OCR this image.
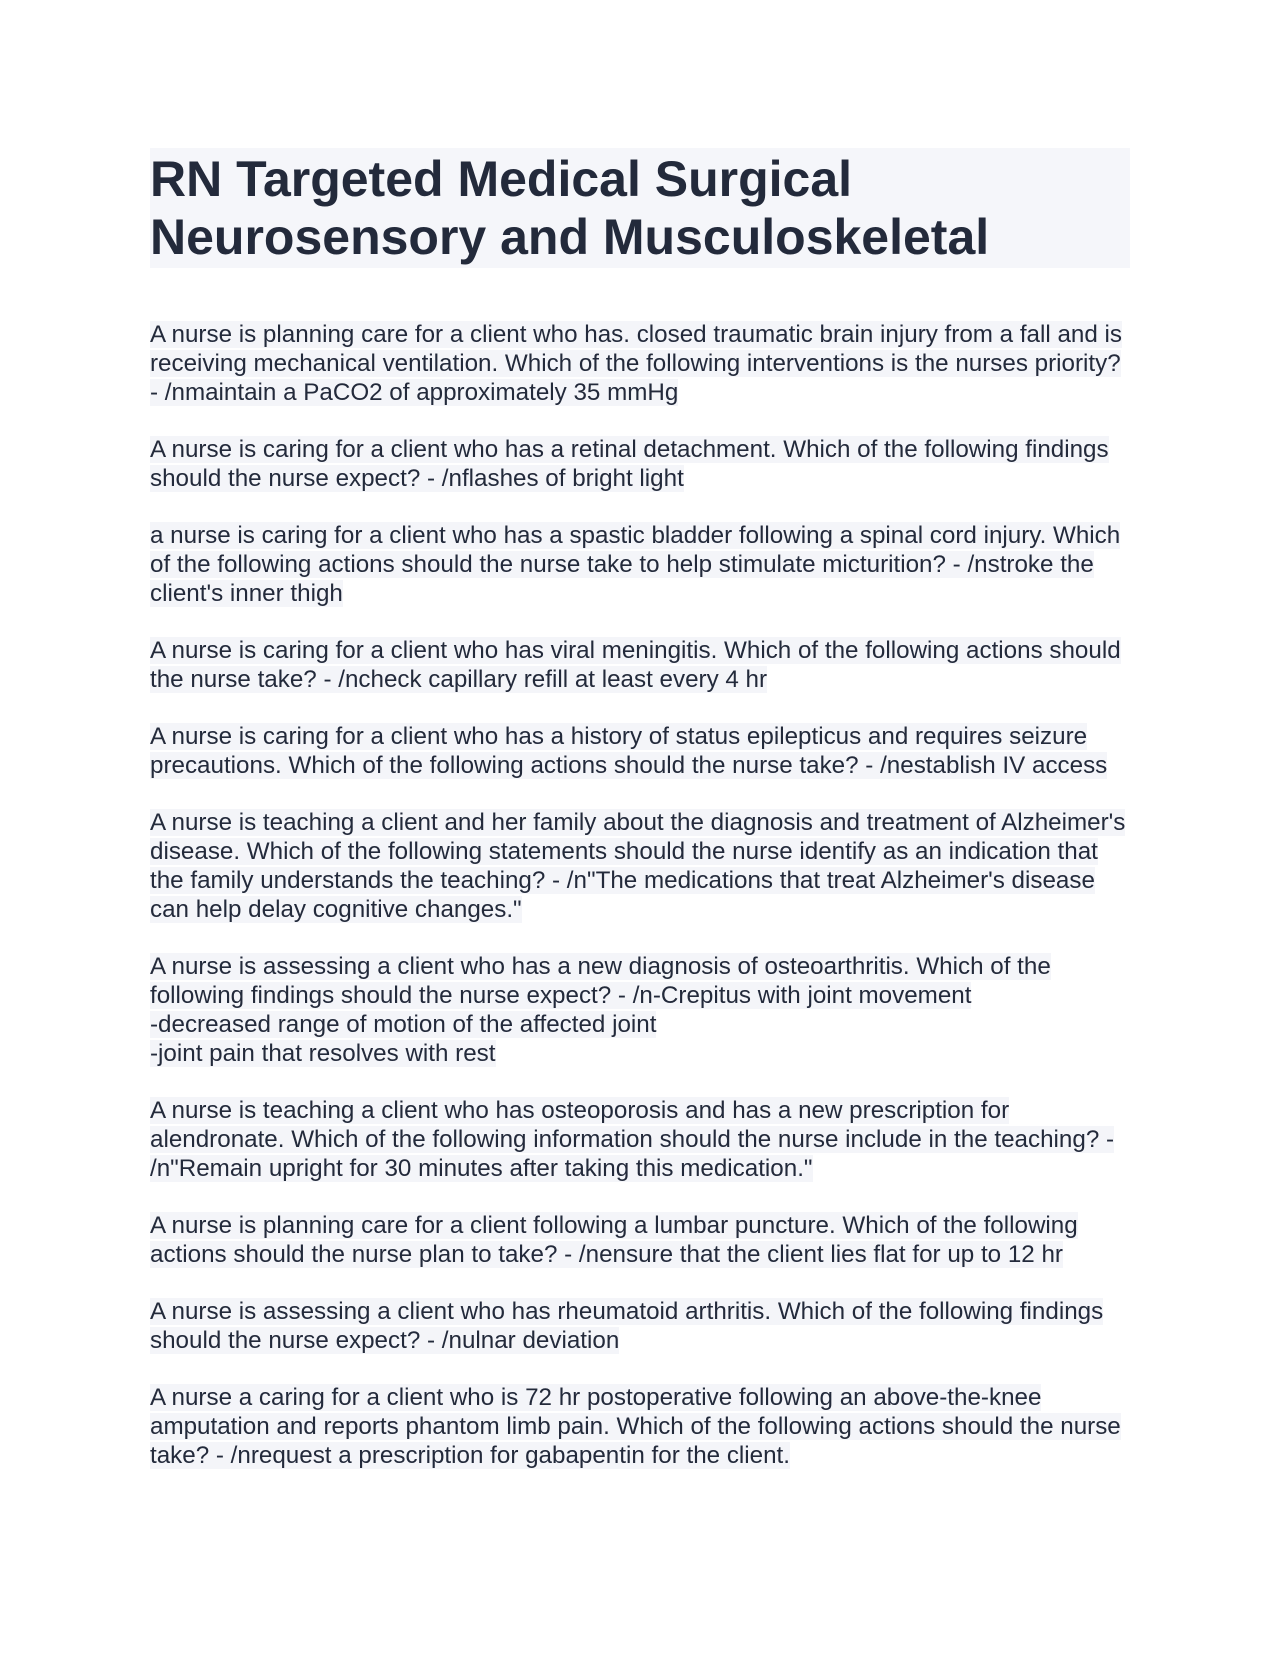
RN Targeted Medical Surgical Neurosensory and Musculoskeletal

A nurse is planning care for a client who has. closed traumatic brain injury from a fall and is receiving mechanical ventilation. Which of the following interventions is the nurses priority? - /nmaintain a PaCO2 of approximately 35 mmHg

A nurse is caring for a client who has a retinal detachment. Which of the following findings should the nurse expect? - /nflashes of bright light

a nurse is caring for a client who has a spastic bladder following a spinal cord injury. Which of the following actions should the nurse take to help stimulate micturition? - /nstroke the client's inner thigh

A nurse is caring for a client who has viral meningitis. Which of the following actions should the nurse take? - /ncheck capillary refill at least every 4 hr

A nurse is caring for a client who has a history of status epilepticus and requires seizure precautions. Which of the following actions should the nurse take? - /nestablish IV access

A nurse is teaching a client and her family about the diagnosis and treatment of Alzheimer's disease. Which of the following statements should the nurse identify as an indication that the family understands the teaching? - /n"The medications that treat Alzheimer's disease can help delay cognitive changes."

A nurse is assessing a client who has a new diagnosis of osteoarthritis. Which of the following findings should the nurse expect? - /n-Crepitus with joint movement
-decreased range of motion of the affected joint
-joint pain that resolves with rest

A nurse is teaching a client who has osteoporosis and has a new prescription for alendronate. Which of the following information should the nurse include in the teaching? - /n"Remain upright for 30 minutes after taking this medication."

A nurse is planning care for a client following a lumbar puncture. Which of the following actions should the nurse plan to take? - /nensure that the client lies flat for up to 12 hr

A nurse is assessing a client who has rheumatoid arthritis. Which of the following findings should the nurse expect? - /nulnar deviation

A nurse a caring for a client who is 72 hr postoperative following an above-the-knee amputation and reports phantom limb pain. Which of the following actions should the nurse take? - /nrequest a prescription for gabapentin for the client.
